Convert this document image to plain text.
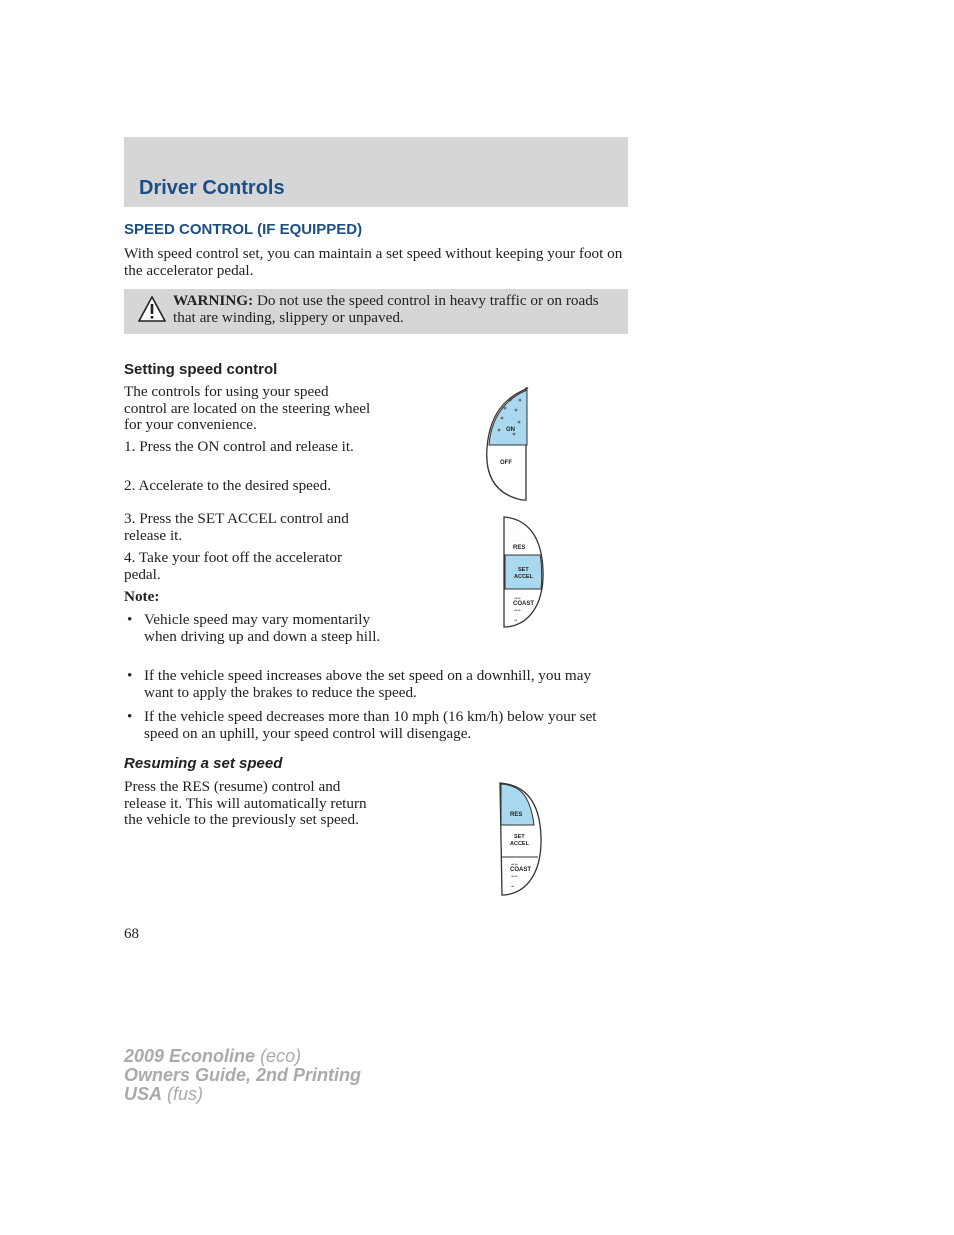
Driver Controls
SPEED CONTROL (IF EQUIPPED)

With speed control set, you can maintain a set speed without keeping your foot on the accelerator pedal.

WARNING: Do not use the speed control in heavy traffic or on roads that are winding, slippery or unpaved.
Setting speed control

The controls for using your speed control are located on the steering wheel for your convenience.

1. Press the ON control and release it.

2. Accelerate to the desired speed.

3. Press the SET ACCEL control and release it.

4. Take your foot off the accelerator pedal.

Note:

• Vehicle speed may vary momentarily when driving up and down a steep hill.
• If the vehicle speed increases above the set speed on a downhill, you may want to apply the brakes to reduce the speed.
• If the vehicle speed decreases more than 10 mph (16 km/h) below your set speed on an uphill, your speed control will disengage.
Resuming a set speed

Press the RES (resume) control and release it. This will automatically return the vehicle to the previously set speed.

ON
OFF
· · · · · · ·
· · · · · · · ·
RES
· · · · · · · ·
SET
ACCEL
◂◂ ▸▸
COAST
◂◂ ▸▸
◂◂
· · · · · · ·
· · · · · · · ·
RES
· · · · · · · ·
SET
ACCEL
◂◂ ▸▸
COAST
◂◂ ▸▸
◂◂
68
2009 Econoline (eco)
Owners Guide, 2nd Printing
USA (fus)
